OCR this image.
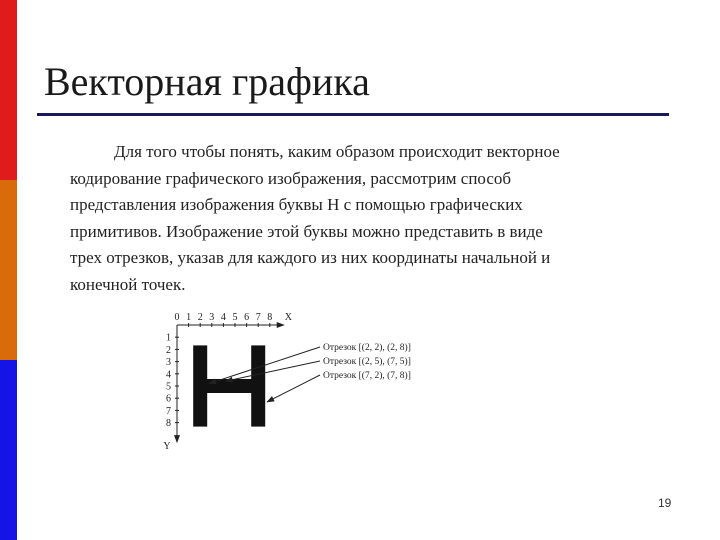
Векторная графика
Для того чтобы понять, каким образом происходит векторное
кодирование графического изображения, рассмотрим способ
представления изображения буквы Н с помощью графических
примитивов. Изображение этой буквы можно представить в виде
трех отрезков, указав для каждого из них координаты начальной и
конечной точек.
0 1 2 3 4 5 6 7 8 X
1
2
3
4
5
6
7
8
Y
Отрезок [(2, 2), (2, 8)]
Отрезок [(2, 5), (7, 5)]
Отрезок [(7, 2), (7, 8)]
19
